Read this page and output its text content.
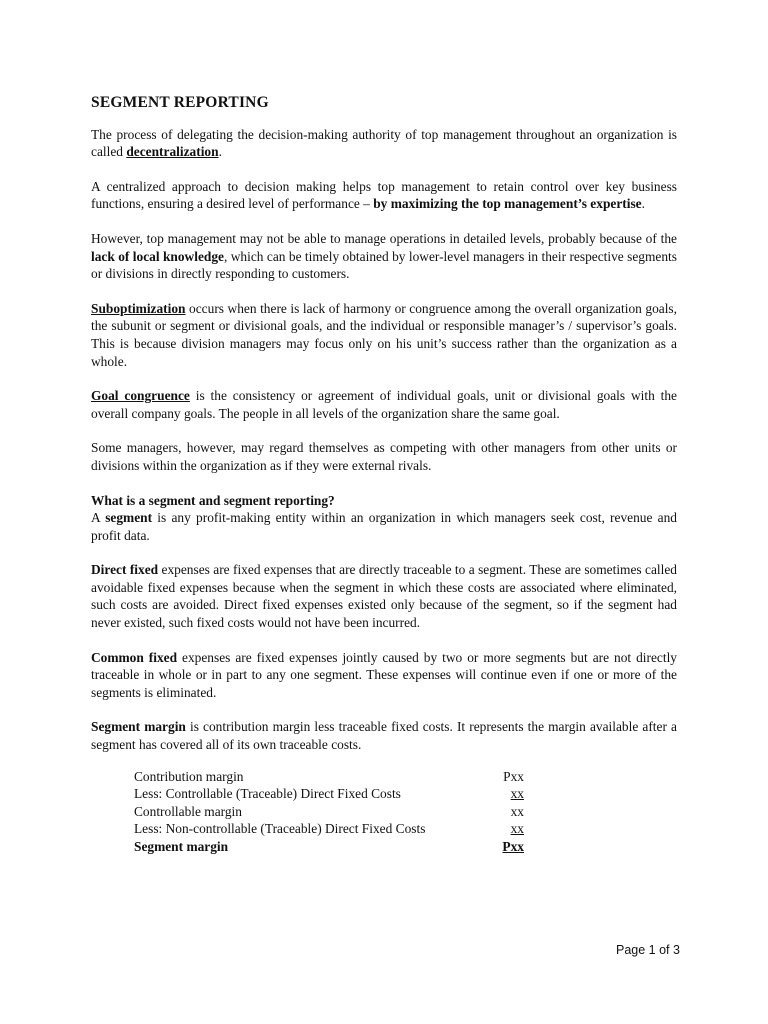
SEGMENT REPORTING

The process of delegating the decision-making authority of top management throughout an organization is called decentralization.

A centralized approach to decision making helps top management to retain control over key business functions, ensuring a desired level of performance – by maximizing the top management’s expertise.

However, top management may not be able to manage operations in detailed levels, probably because of the lack of local knowledge, which can be timely obtained by lower-level managers in their respective segments or divisions in directly responding to customers.

Suboptimization occurs when there is lack of harmony or congruence among the overall organization goals, the subunit or segment or divisional goals, and the individual or responsible manager’s / supervisor’s goals. This is because division managers may focus only on his unit’s success rather than the organization as a whole.

Goal congruence is the consistency or agreement of individual goals, unit or divisional goals with the overall company goals. The people in all levels of the organization share the same goal.

Some managers, however, may regard themselves as competing with other managers from other units or divisions within the organization as if they were external rivals.

What is a segment and segment reporting?

A segment is any profit-making entity within an organization in which managers seek cost, revenue and profit data.

Direct fixed expenses are fixed expenses that are directly traceable to a segment. These are sometimes called avoidable fixed expenses because when the segment in which these costs are associated where eliminated, such costs are avoided. Direct fixed expenses existed only because of the segment, so if the segment had never existed, such fixed costs would not have been incurred.

Common fixed expenses are fixed expenses jointly caused by two or more segments but are not directly traceable in whole or in part to any one segment. These expenses will continue even if one or more of the segments is eliminated.

Segment margin is contribution margin less traceable fixed costs. It represents the margin available after a segment has covered all of its own traceable costs.

Contribution margin	Pxx
Less: Controllable (Traceable) Direct Fixed Costs	xx
Controllable margin	xx
Less: Non-controllable (Traceable) Direct Fixed Costs	xx
Segment margin	Pxx
Page 1 of 3
